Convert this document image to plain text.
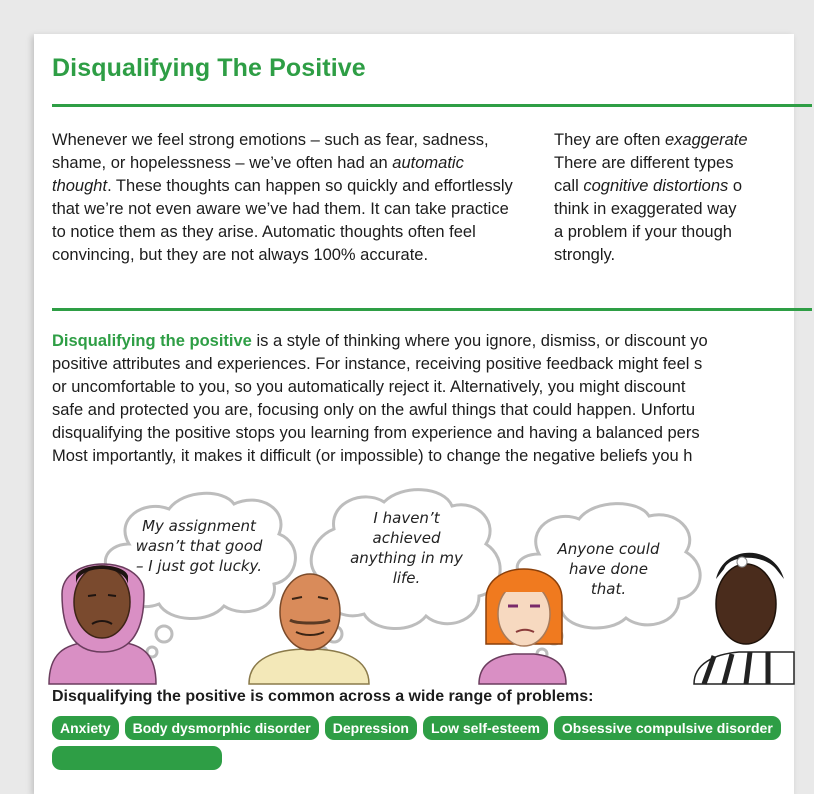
Disqualifying The Positive

Whenever we feel strong emotions – such as fear, sadness, shame, or hopelessness – we’ve often had an automatic thought. These thoughts can happen so quickly and effortlessly that we’re not even aware we’ve had them. It can take practice to notice them as they arise. Automatic thoughts often feel convincing, but they are not always 100% accurate.

They are often exaggerate
There are different types
call cognitive distortions o
think in exaggerated way
a problem if your though
strongly.
Disqualifying the positive is a style of thinking where you ignore, dismiss, or discount yo
positive attributes and experiences. For instance, receiving positive feedback might feel s
or uncomfortable to you, so you automatically reject it. Alternatively, you might discount
safe and protected you are, focusing only on the awful things that could happen. Unfortu
disqualifying the positive stops you learning from experience and having a balanced pers
Most importantly, it makes it difficult (or impossible) to change the negative beliefs you h
My assignment
wasn’t that good
– I just got lucky.
I haven’t
achieved
anything in my
life.
Anyone could
have done
that.
Disqualifying the positive is common across a wide range of problems:
Anxiety	Body dysmorphic disorder	Depression	Low self-esteem	Obsessive compulsive disorder
